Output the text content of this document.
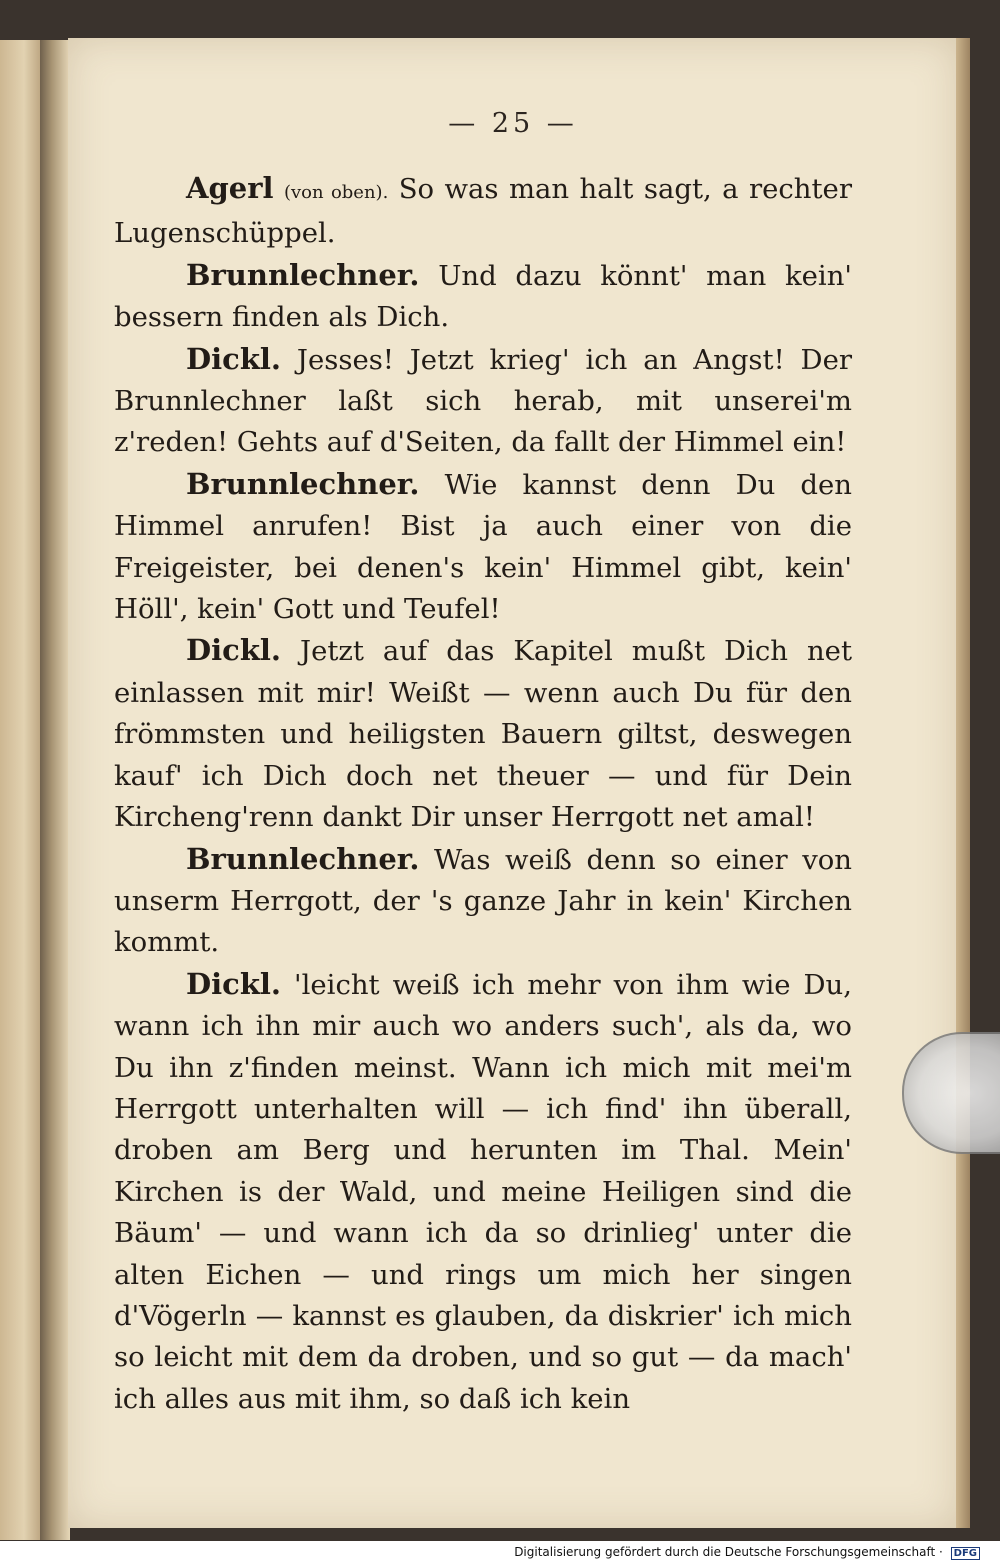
— 25 —

Agerl (von oben). So was man halt sagt, a rechter Lugenschüppel.

Brunnlechner. Und dazu könnt' man kein' bessern finden als Dich.

Dickl. Jesses! Jetzt krieg' ich an Angst! Der Brunnlechner laßt sich herab, mit unserei'm z'reden! Gehts auf d'Seiten, da fallt der Himmel ein!

Brunnlechner. Wie kannst denn Du den Himmel anrufen! Bist ja auch einer von die Freigeister, bei denen's kein' Himmel gibt, kein' Höll', kein' Gott und Teufel!

Dickl. Jetzt auf das Kapitel mußt Dich net einlassen mit mir! Weißt — wenn auch Du für den frömmsten und heiligsten Bauern giltst, deswegen kauf' ich Dich doch net theuer — und für Dein Kircheng'renn dankt Dir unser Herrgott net amal!

Brunnlechner. Was weiß denn so einer von unserm Herrgott, der 's ganze Jahr in kein' Kirchen kommt.

Dickl. 'leicht weiß ich mehr von ihm wie Du, wann ich ihn mir auch wo anders such', als da, wo Du ihn z'finden meinst. Wann ich mich mit mei'm Herrgott unterhalten will — ich find' ihn überall, droben am Berg und herunten im Thal. Mein' Kirchen is der Wald, und meine Heiligen sind die Bäum' — und wann ich da so drinlieg' unter die alten Eichen — und rings um mich her singen d'Vögerln — kannst es glauben, da diskrier' ich mich so leicht mit dem da droben, und so gut — da mach' ich alles aus mit ihm, so daß ich kein

Digitalisierung gefördert durch die Deutsche Forschungsgemeinschaft · DFG
